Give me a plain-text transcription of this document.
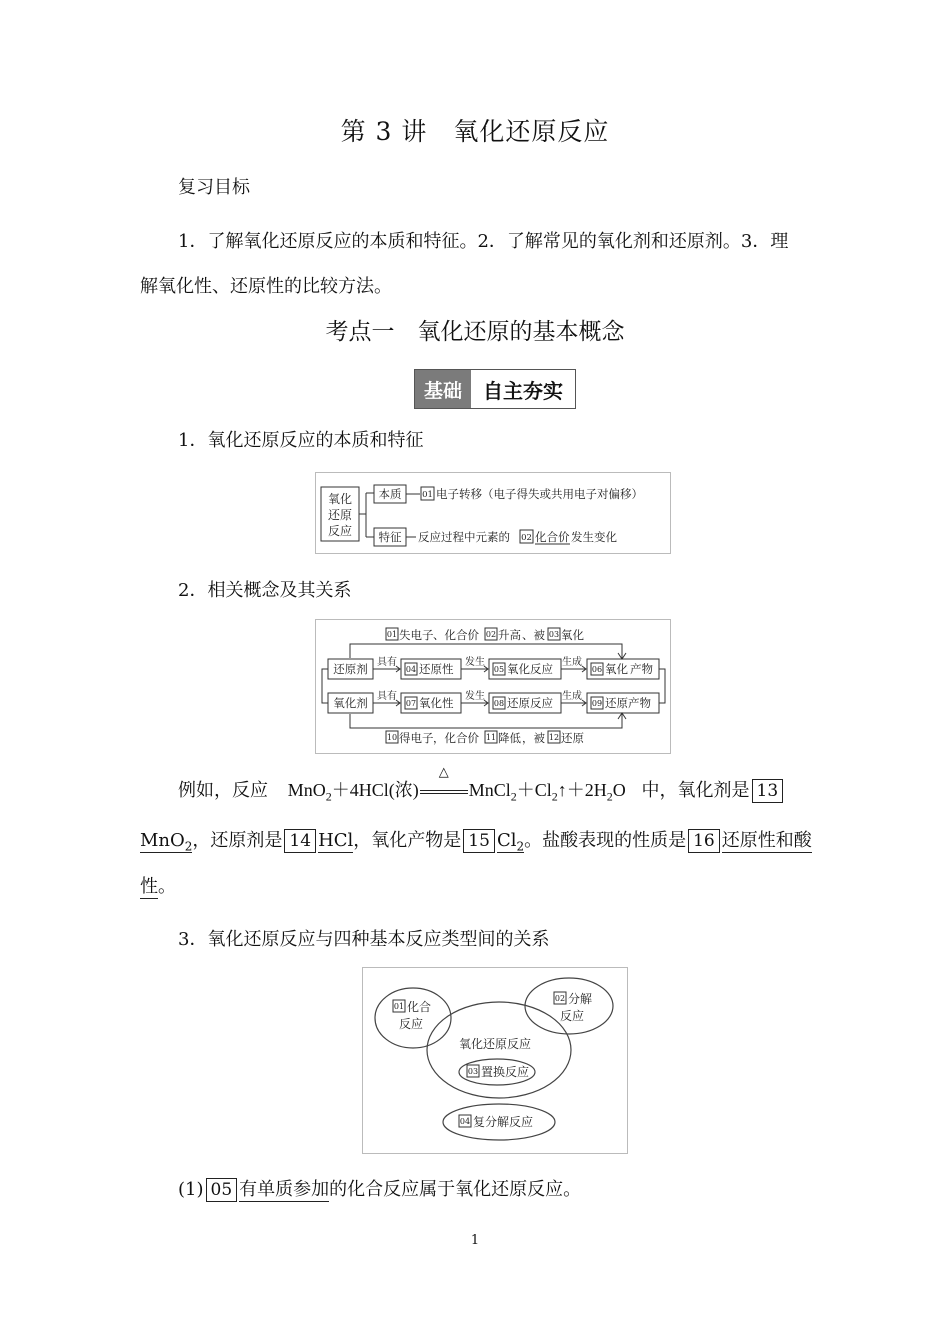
第 3 讲　氧化还原反应
复习目标
1．了解氧化还原反应的本质和特征。2．了解常见的氧化剂和还原剂。3．理
解氧化性、还原性的比较方法。
考点一　氧化还原的基本概念
基础	自主夯实
1．氧化还原反应的本质和特征
氧化
还原
反应
本质 01 电子转移（电子得失或共用电子对偏移）
特征 反应过程中元素的 02 化合价 发生变化
2．相关概念及其关系
01 失电子 、化合价 02 升高 、被 03 氧化
还原剂 具有
04 还原性 发生
05 氧化反应 生成
06 氧化 产物
氧化剂 具有
07 氧化性 发生
08 还原反应 生成
09 还原产物
10 得电子 ，化合价 11 降低 ，被 12 还原
例如，反应 MnO$_2$＋4HCl(浓)
△
$MnCl_2+Cl_2↑+2H_2O$ 中，氧化剂是 13
MnO$_2$，还原剂是 14 HCl，氧化产物是 15 $Cl_2$。盐酸表现的性质是 16 还原性和酸
性。
3．氧化还原反应与四种基本反应类型间的关系
01 化合
反应
02 分解
反应
氧化还原反应
03 置换反应
04 复分解反应
(1) 05 有单质参加的化合反应属于氧化还原反应。
1
